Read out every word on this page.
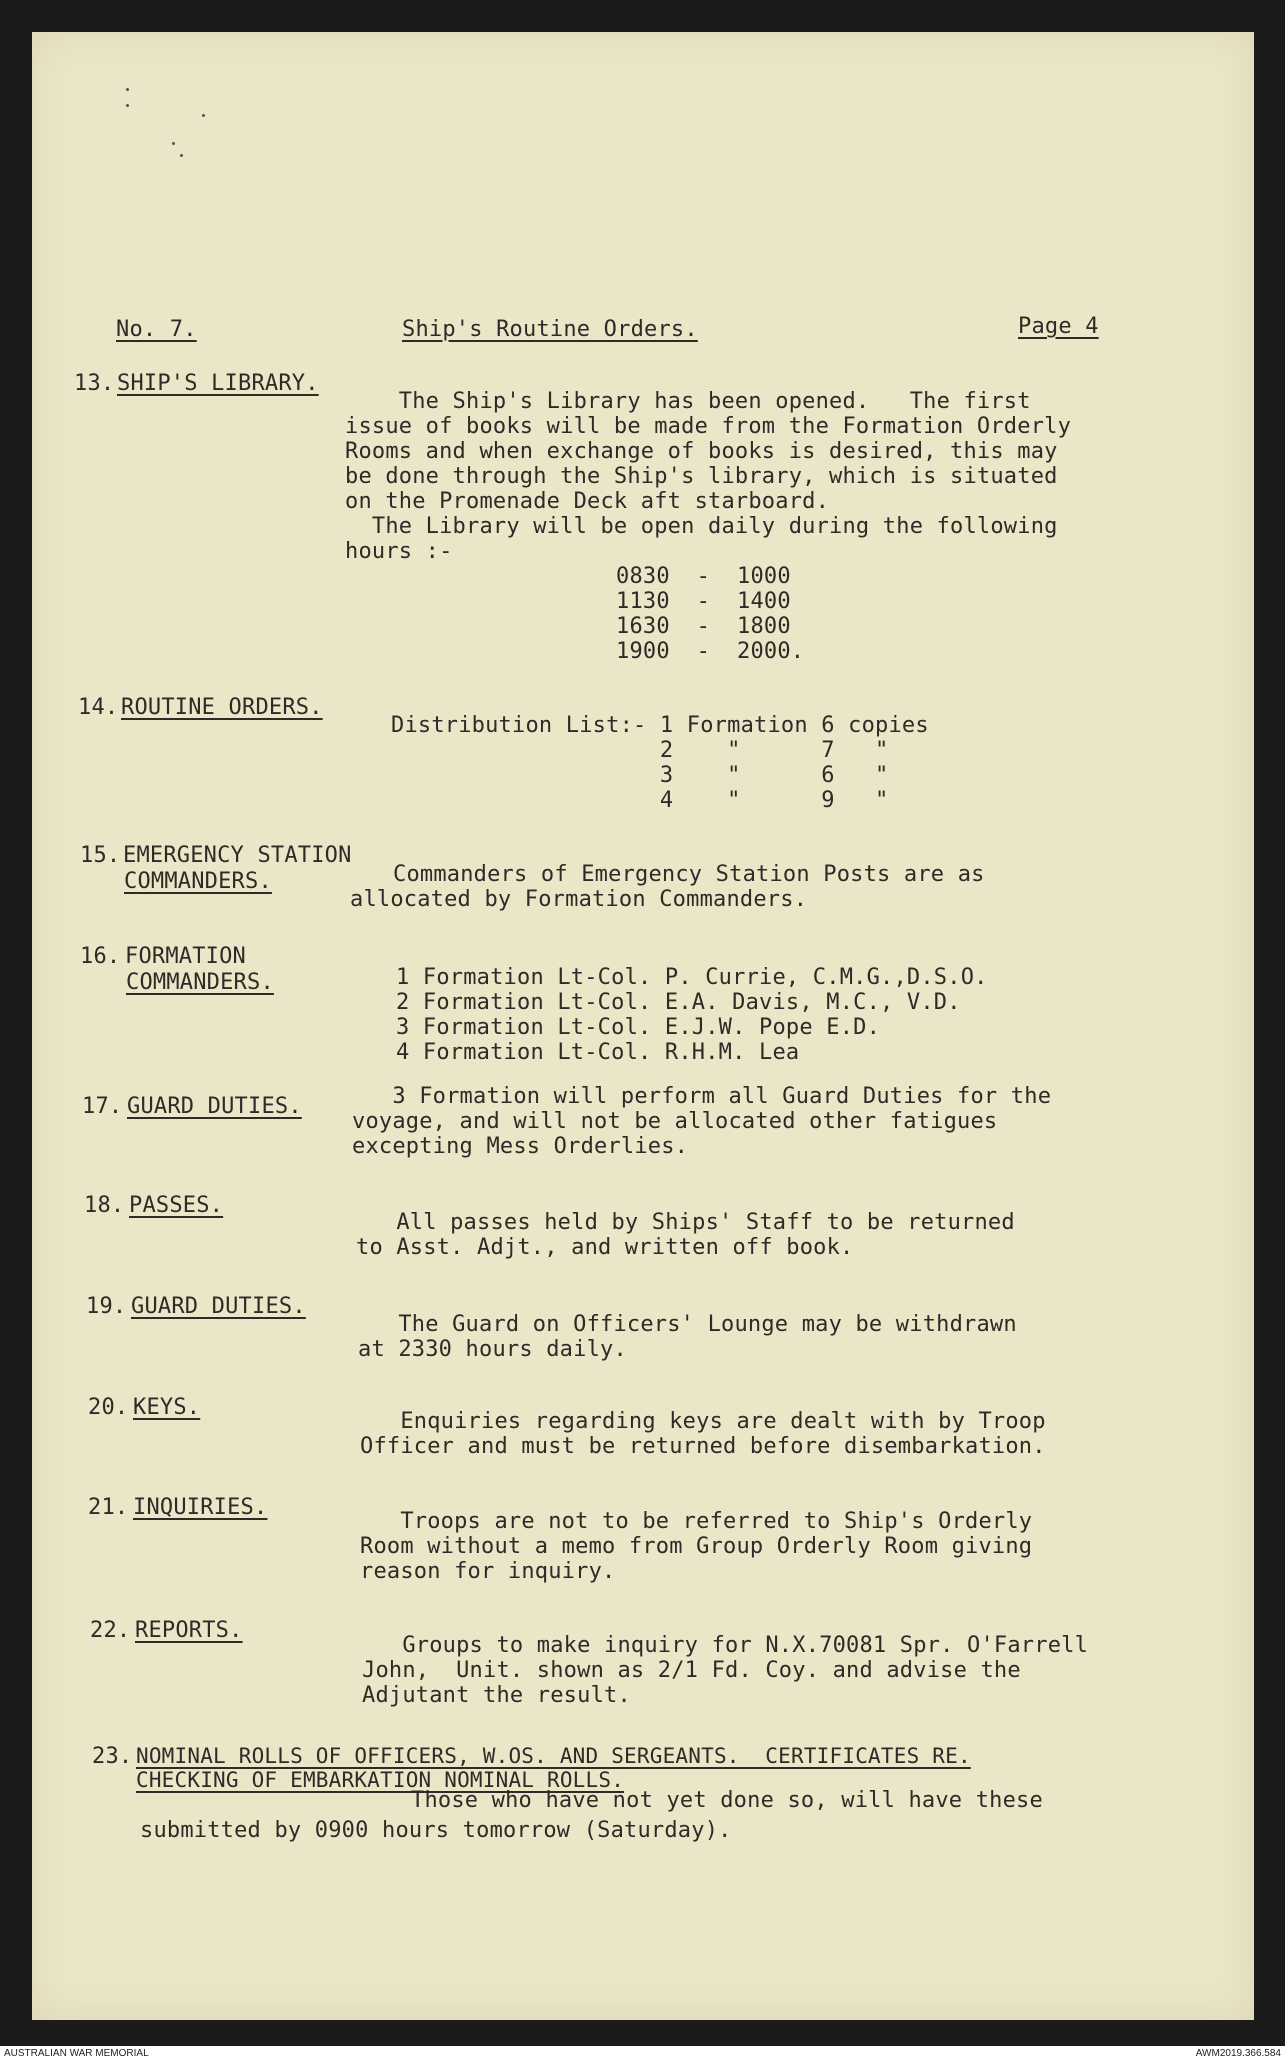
No. 7.	Ship's Routine Orders.	Page 4
13. SHIP'S LIBRARY.
The Ship's Library has been opened.   The first
issue of books will be made from the Formation Orderly
Rooms and when exchange of books is desired, this may
be done through the Ship's library, which is situated
on the Promenade Deck aft starboard.
The Library will be open daily during the following
hours :-
0830  -  1000
1130  -  1400
1630  -  1800
1900  -  2000.
14. ROUTINE ORDERS.
Distribution List:- 1 Formation 6 copies
2    "      7   "
3    "      6   "
4    "      9   "
15. EMERGENCY STATION
COMMANDERS.	Commanders of Emergency Station Posts are as
allocated by Formation Commanders.
16. FORMATION
COMMANDERS.	1 Formation Lt-Col. P. Currie, C.M.G.,D.S.O.
2 Formation Lt-Col. E.A. Davis, M.C., V.D.
3 Formation Lt-Col. E.J.W. Pope E.D.
4 Formation Lt-Col. R.H.M. Lea
17. GUARD DUTIES. 3 Formation will perform all Guard Duties for the
voyage, and will not be allocated other fatigues
excepting Mess Orderlies.
18. PASSES.
All passes held by Ships' Staff to be returned
to Asst. Adjt., and written off book.
19. GUARD DUTIES.
The Guard on Officers' Lounge may be withdrawn
at 2330 hours daily.
20. KEYS.
Enquiries regarding keys are dealt with by Troop
Officer and must be returned before disembarkation.
21. INQUIRIES.
Troops are not to be referred to Ship's Orderly
Room without a memo from Group Orderly Room giving
reason for inquiry.
22. REPORTS.
Groups to make inquiry for N.X.70081 Spr. O'Farrell
John,  Unit. shown as 2/1 Fd. Coy. and advise the
Adjutant the result.
23. NOMINAL ROLLS OF OFFICERS, W.OS. AND SERGEANTS.  CERTIFICATES RE.
CHECKING OF EMBARKATION NOMINAL ROLLS.
Those who have not yet done so, will have these
submitted by 0900 hours tomorrow (Saturday).
AUSTRALIAN WAR MEMORIAL	AWM2019.366.584
